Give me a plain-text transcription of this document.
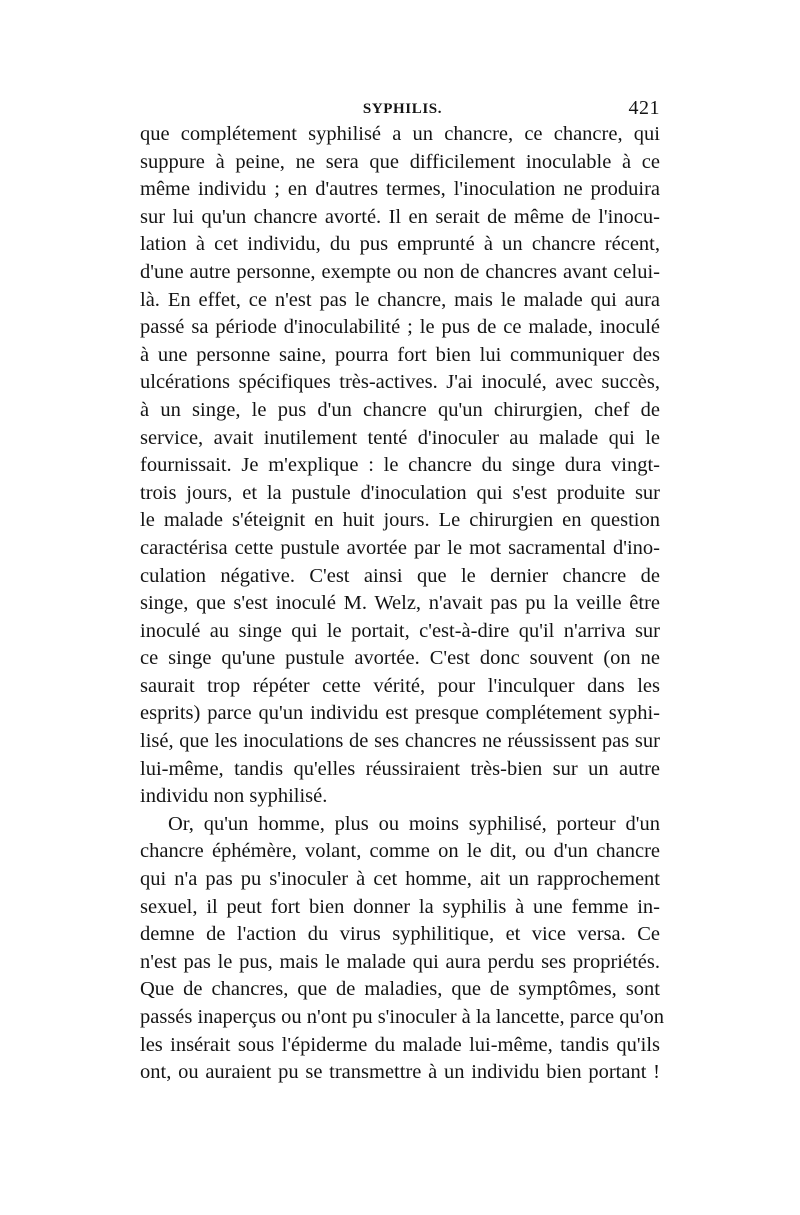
SYPHILIS.	421
que complétement syphilisé a un chancre, ce chancre, qui
suppure à peine, ne sera que difficilement inoculable à ce
même individu ; en d'autres termes, l'inoculation ne produira
sur lui qu'un chancre avorté. Il en serait de même de l'inocu-
lation à cet individu, du pus emprunté à un chancre récent,
d'une autre personne, exempte ou non de chancres avant celui-
là. En effet, ce n'est pas le chancre, mais le malade qui aura
passé sa période d'inoculabilité ; le pus de ce malade, inoculé
à une personne saine, pourra fort bien lui communiquer des
ulcérations spécifiques très-actives. J'ai inoculé, avec succès,
à un singe, le pus d'un chancre qu'un chirurgien, chef de
service, avait inutilement tenté d'inoculer au malade qui le
fournissait. Je m'explique : le chancre du singe dura vingt-
trois jours, et la pustule d'inoculation qui s'est produite sur
le malade s'éteignit en huit jours. Le chirurgien en question
caractérisa cette pustule avortée par le mot sacramental d'ino-
culation négative. C'est ainsi que le dernier chancre de
singe, que s'est inoculé M. Welz, n'avait pas pu la veille être
inoculé au singe qui le portait, c'est-à-dire qu'il n'arriva sur
ce singe qu'une pustule avortée. C'est donc souvent (on ne
saurait trop répéter cette vérité, pour l'inculquer dans les
esprits) parce qu'un individu est presque complétement syphi-
lisé, que les inoculations de ses chancres ne réussissent pas sur
lui-même, tandis qu'elles réussiraient très-bien sur un autre
individu non syphilisé.
Or, qu'un homme, plus ou moins syphilisé, porteur d'un
chancre éphémère, volant, comme on le dit, ou d'un chancre
qui n'a pas pu s'inoculer à cet homme, ait un rapprochement
sexuel, il peut fort bien donner la syphilis à une femme in-
demne de l'action du virus syphilitique, et vice versa. Ce
n'est pas le pus, mais le malade qui aura perdu ses propriétés.
Que de chancres, que de maladies, que de symptômes, sont
passés inaperçus ou n'ont pu s'inoculer à la lancette, parce qu'on
les insérait sous l'épiderme du malade lui-même, tandis qu'ils
ont, ou auraient pu se transmettre à un individu bien portant !
